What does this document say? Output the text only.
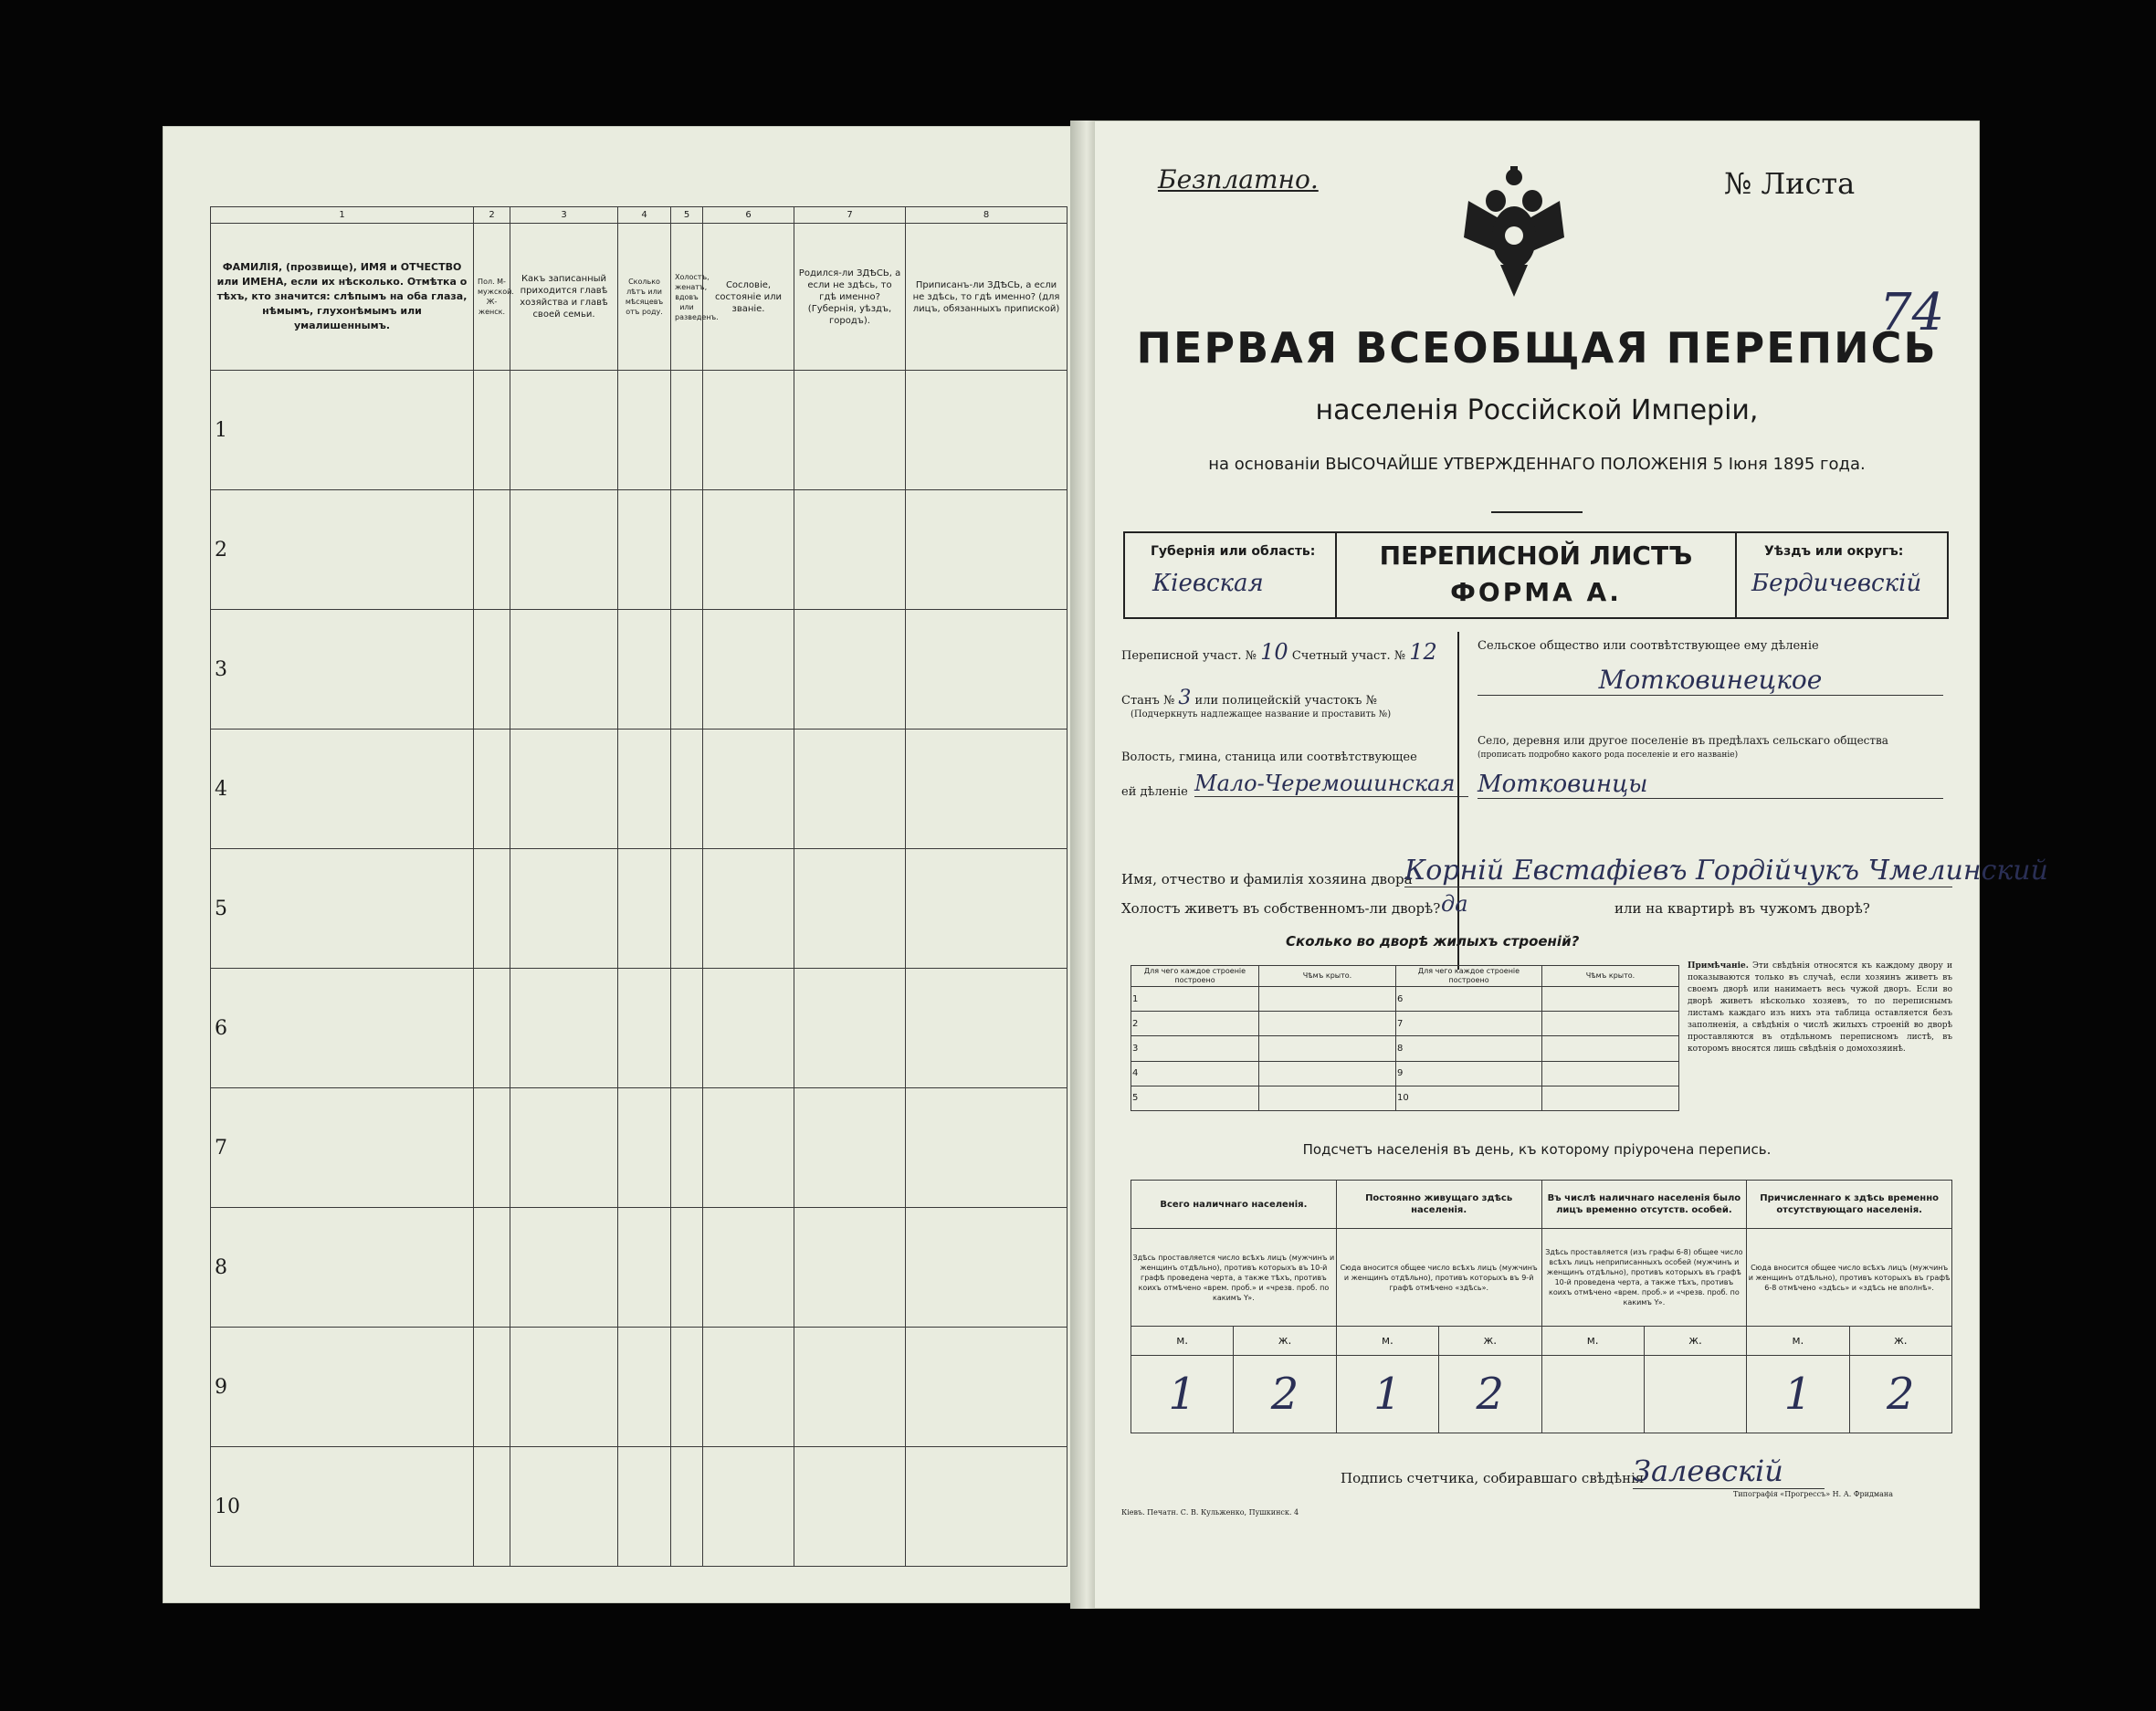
1	2	3	4	5	6	7	8
ФАМИЛІЯ, (прозвище), ИМЯ и ОТЧЕСТВО или ИМЕНА, если их нѣсколько. Отмѣтка о тѣхъ, кто значится: слѣпымъ на оба глаза, нѣмымъ, глухонѣмымъ или умалишеннымъ.	Пол. М-мужской. Ж-женск.	Какъ записанный приходится главѣ хозяйства и главѣ своей семьи.	Сколько лѣтъ или мѣсяцевъ отъ роду.	Холостъ, женатъ, вдовъ или разведенъ.	Сословіе, состояніе или званіе.	Родился-ли ЗДѢСЬ, а если не здѣсь, то гдѣ именно? (Губернія, уѣздъ, городъ).	Приписанъ-ли ЗДѢСЬ, а если не здѣсь, то гдѣ именно? (для лицъ, обязанныхъ припиской)
1							
2							
3							
4							
5							
6							
7							
8							
9							
10							
Безплатно.	№ Листа
74
ПЕРВАЯ ВСЕОБЩАЯ ПЕРЕПИСЬ
населенія Россійской Имперіи,
на основаніи ВЫСОЧАЙШЕ УТВЕРЖДЕННАГО ПОЛОЖЕНІЯ 5 Іюня 1895 года.
Губернія или область:
Кіевская
ПЕРЕПИСНОЙ ЛИСТЪ
ФОРМА А.
Уѣздъ или округъ:
Бердичевскій
Переписной участ. № 10 Счетный участ. № 12
Станъ № 3 или полицейскій участокъ №
(Подчеркнуть надлежащее название и проставить №)
Волость, гмина, станица или соотвѣтствующее
ей дѣленіе Мало-Черемошинская
Сельское общество или соотвѣтствующее ему дѣленіе
Мотковинецкое
Село, деревня или другое поселеніе въ предѣлахъ сельскаго общества
(прописать подробно какого рода поселеніе и его названіе)
Мотковинцы
Имя, отчество и фамилія хозяина двора
Корній Евстафіевъ Гордійчукъ Чмелинский
Холостъ живетъ въ собственномъ-ли дворѣ? да	или на квартирѣ въ чужомъ дворѣ?
Сколько во дворѣ жилыхъ строеній?
Для чего каждое строеніе построено	Чѣмъ крыто.	Для чего каждое строеніе построено	Чѣмъ крыто.
1		6	
2		7	
3		8	
4		9	
5		10	
Примѣчаніе. Эти свѣдѣнія относятся къ каждому двору и показываются только въ случаѣ, если хозяинъ живетъ въ своемъ дворѣ или нанимаетъ весь чужой дворъ. Если во дворѣ живетъ нѣсколько хозяевъ, то по переписнымъ листамъ каждаго изъ нихъ эта таблица оставляется безъ заполненія, а свѣдѣнія о числѣ жилыхъ строеній во дворѣ проставляются въ отдѣльномъ переписномъ листѣ, въ которомъ вносятся лишь свѣдѣнія о домохозяинѣ.
Подсчетъ населенія въ день, къ которому пріурочена перепись.
Всего наличнаго населенія.		Постоянно живущаго здѣсь населенія.		Въ числѣ наличнаго населенія было лицъ временно отсутств. особей.		Причисленнаго к здѣсь временно отсутствующаго населенія.	
Здѣсь проставляется число всѣхъ лицъ (мужчинъ и женщинъ отдѣльно), противъ которыхъ въ 10-й графѣ проведена черта, а также тѣхъ, противъ коихъ отмѣчено «врем. проб.» и «чрезв. проб. по какимъ Y».		Сюда вносится общее число всѣхъ лицъ (мужчинъ и женщинъ отдѣльно), противъ которыхъ въ 9-й графѣ отмѣчено «здѣсь».		Здѣсь проставляется (изъ графы 6-8) общее число всѣхъ лицъ неприписанныхъ особей (мужчинъ и женщинъ отдѣльно), противъ которыхъ въ графѣ 10-й проведена черта, а также тѣхъ, противъ коихъ отмѣчено «врем. проб.» и «чрезв. проб. по какимъ Y».		Сюда вносится общее число всѣхъ лицъ (мужчинъ и женщинъ отдѣльно), противъ которыхъ въ графѣ 6-8 отмѣчено «здѣсь» и «здѣсь не вполнѣ».	
м.	ж.	м.	ж.	м.	ж.	м.	ж.
1	2	1	2			1	2
Подпись счетчика, собиравшаго свѣдѣнія
Залевскій
Кіевъ. Печатн. С. В. Кульженко, Пушкинск. 4
Типографія «Прогрессъ» Н. А. Фридмана
